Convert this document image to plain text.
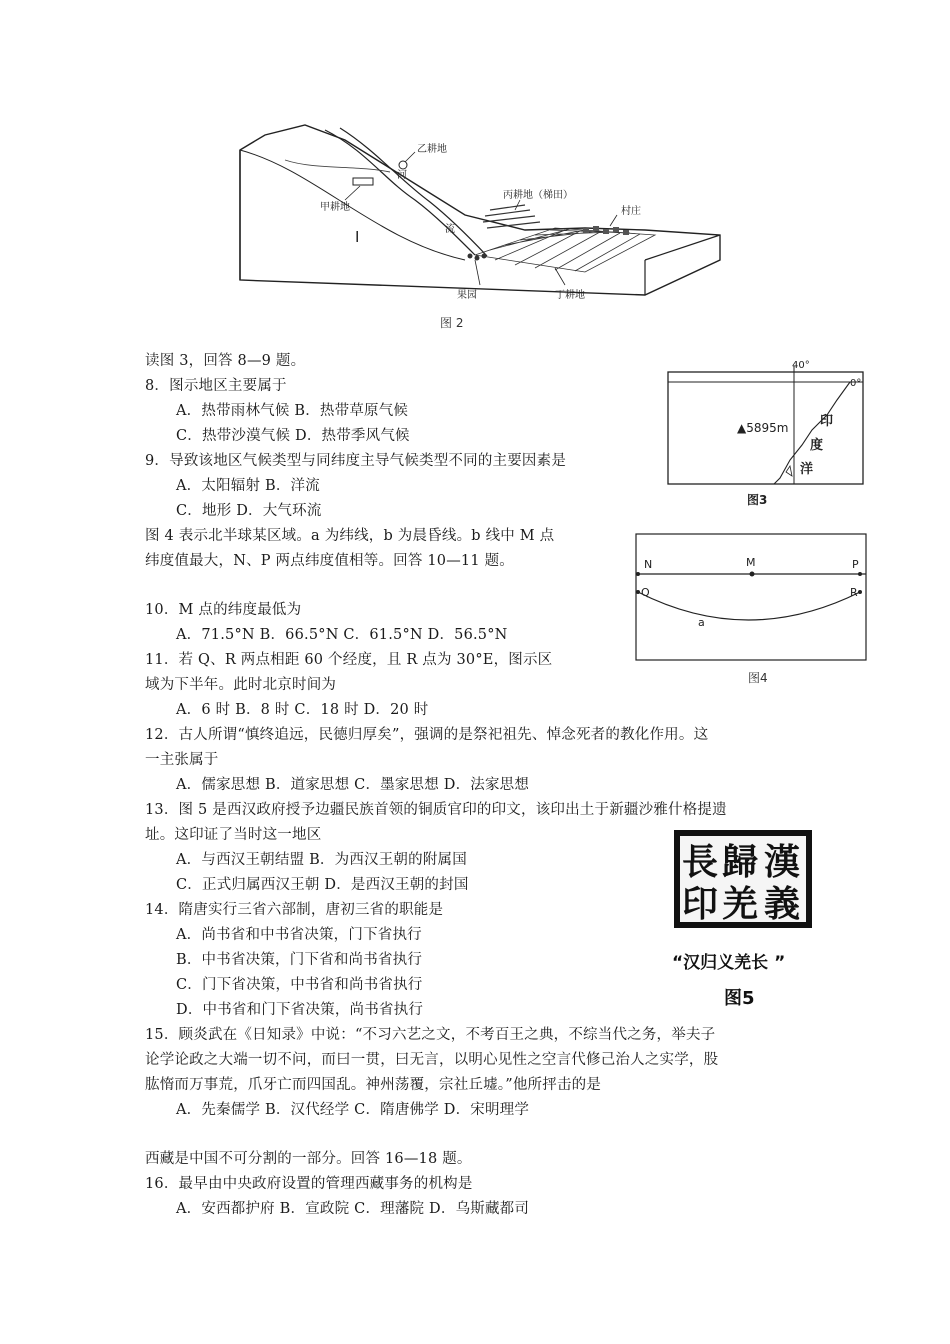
乙耕地
甲耕地
河
流
丙耕地（梯田）
村庄
果园	丁耕地
I
图 2
40°
0°
▲5895m 印
度
洋
图3
N	M	P
Q	R
a
图4
漢
歸
義
羌
長
印
“汉归义羌长 ”
图5
读图 3，回答 8—9 题。
8．图示地区主要属于
A．热带雨林气候 B．热带草原气候
C．热带沙漠气候 D．热带季风气候
9．导致该地区气候类型与同纬度主导气候类型不同的主要因素是
A．太阳辐射 B．洋流
C．地形 D．大气环流
图 4 表示北半球某区域。a 为纬线，b 为晨昏线。b 线中 M 点
纬度值最大，N、P 两点纬度值相等。回答 10—11 题。
10．M 点的纬度最低为
A．71.5°N B．66.5°N C．61.5°N D．56.5°N
11．若 Q、R 两点相距 60 个经度，且 R 点为 30°E，图示区
域为下半年。此时北京时间为
A．6 时 B．8 时 C．18 时 D．20 时
12．古人所谓“慎终追远，民德归厚矣”，强调的是祭祀祖先、悼念死者的教化作用。这
一主张属于
A．儒家思想 B．道家思想 C．墨家思想 D．法家思想
13．图 5 是西汉政府授予边疆民族首领的铜质官印的印文，该印出土于新疆沙雅什格提遗
址。这印证了当时这一地区
A．与西汉王朝结盟 B．为西汉王朝的附属国
C．正式归属西汉王朝 D．是西汉王朝的封国
14．隋唐实行三省六部制，唐初三省的职能是
A．尚书省和中书省决策，门下省执行
B．中书省决策，门下省和尚书省执行
C．门下省决策，中书省和尚书省执行
D．中书省和门下省决策，尚书省执行
15．顾炎武在《日知录》中说：“不习六艺之文，不考百王之典，不综当代之务，举夫子
论学论政之大端一切不问，而曰一贯，曰无言，以明心见性之空言代修己治人之实学，股
肱惰而万事荒，爪牙亡而四国乱。神州荡覆，宗社丘墟。”他所抨击的是
A．先秦儒学 B．汉代经学 C．隋唐佛学 D．宋明理学
西藏是中国不可分割的一部分。回答 16—18 题。
16．最早由中央政府设置的管理西藏事务的机构是
A．安西都护府 B．宣政院 C．理藩院 D．乌斯藏都司
